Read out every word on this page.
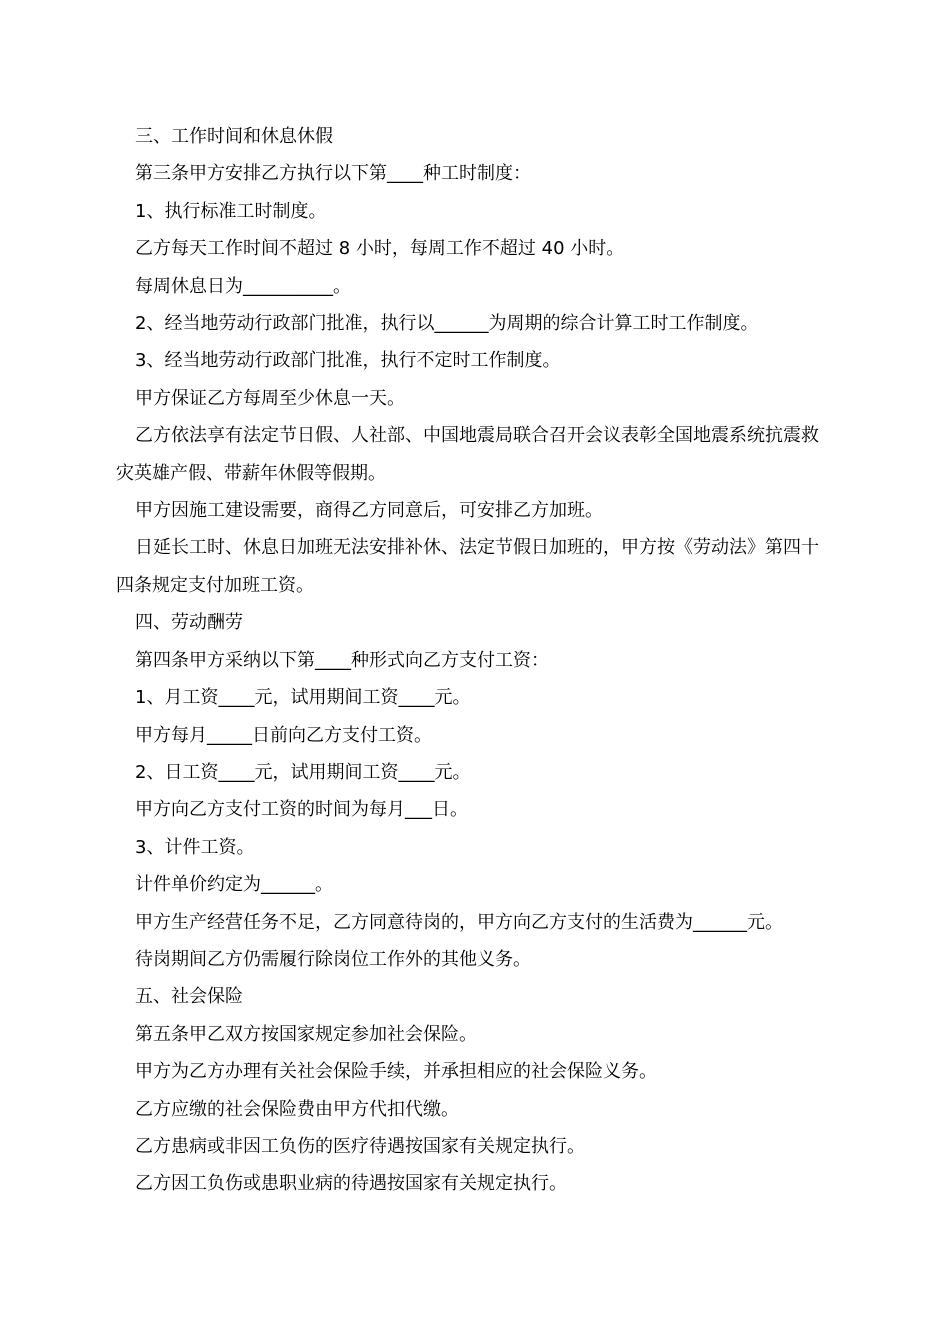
三、工作时间和休息休假

第三条甲方安排乙方执行以下第____种工时制度：

1、执行标准工时制度。

乙方每天工作时间不超过 8 小时，每周工作不超过 40 小时。

每周休息日为__________。

2、经当地劳动行政部门批准，执行以______为周期的综合计算工时工作制度。

3、经当地劳动行政部门批准，执行不定时工作制度。

甲方保证乙方每周至少休息一天。

乙方依法享有法定节日假、人社部、中国地震局联合召开会议表彰全国地震系统抗震救灾英雄产假、带薪年休假等假期。

甲方因施工建设需要，商得乙方同意后，可安排乙方加班。

日延长工时、休息日加班无法安排补休、法定节假日加班的，甲方按《劳动法》第四十四条规定支付加班工资。

四、劳动酬劳

第四条甲方采纳以下第____种形式向乙方支付工资：

1、月工资____元，试用期间工资____元。

甲方每月_____日前向乙方支付工资。

2、日工资____元，试用期间工资____元。

甲方向乙方支付工资的时间为每月___日。

3、计件工资。

计件单价约定为______。

甲方生产经营任务不足，乙方同意待岗的，甲方向乙方支付的生活费为______元。

待岗期间乙方仍需履行除岗位工作外的其他义务。

五、社会保险

第五条甲乙双方按国家规定参加社会保险。

甲方为乙方办理有关社会保险手续，并承担相应的社会保险义务。

乙方应缴的社会保险费由甲方代扣代缴。

乙方患病或非因工负伤的医疗待遇按国家有关规定执行。

乙方因工负伤或患职业病的待遇按国家有关规定执行。
